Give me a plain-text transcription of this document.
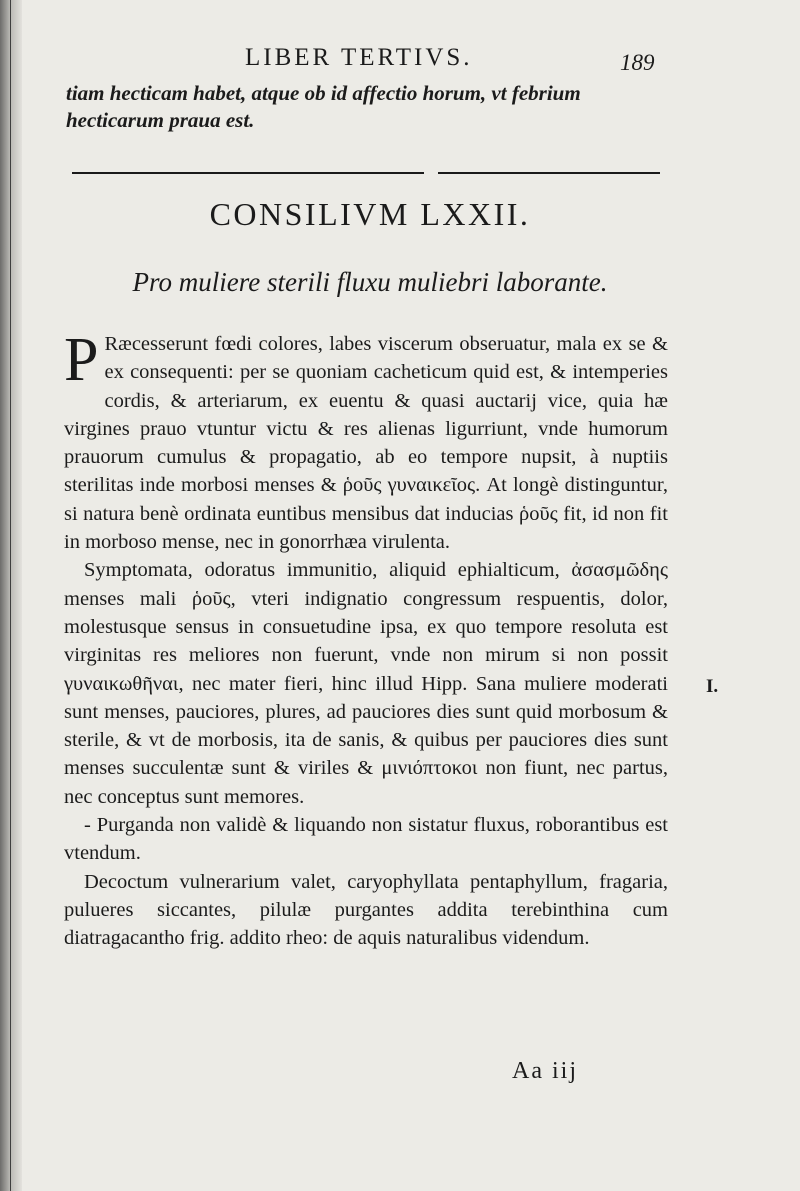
LIBER TERTIVS.	189
tiam hecticam habet, atque ob id affectio horum, vt febrium hecticarum praua est.
CONSILIVM LXXII.
Pro muliere sterili fluxu muliebri laborante.

P Ræcesserunt fœdi colores, labes viscerum obseruatur, mala ex se & ex consequenti: per se quoniam cacheticum quid est, & intemperies cordis, & arteriarum, ex euentu & quasi auctarij vice, quia hæ virgines prauo vtuntur victu & res alienas ligurriunt, vnde humorum prauorum cumulus & propagatio, ab eo tempore nupsit, à nuptiis sterilitas inde morbosi menses & ῥοῦς γυναικεῖος. At longè distinguntur, si natura benè ordinata euntibus mensibus dat inducias ῥοῦς fit, id non fit in morboso mense, nec in gonorrhæa virulenta.

Symptomata, odoratus immunitio, aliquid ephialticum, ἀσασμῶδης menses mali ῥοῦς, vteri indignatio congressum respuentis, dolor, molestusque sensus in consuetudine ipsa, ex quo tempore resoluta est virginitas res meliores non fuerunt, vnde non mirum si non possit γυναικωθῆναι, nec mater fieri, hinc illud Hipp. Sana muliere moderati sunt menses, pauciores, plures, ad pauciores dies sunt quid morbosum & sterile, & vt de morbosis, ita de sanis, & quibus per pauciores dies sunt menses succulentæ sunt & viriles & μινιόπτοκοι non fiunt, nec partus, nec conceptus sunt memores.

- Purganda non validè & liquando non sistatur fluxus, roborantibus est vtendum.

Decoctum vulnerarium valet, caryophyllata pentaphyllum, fragaria, pulueres siccantes, pilulæ purgantes addita terebinthina cum diatragacantho frig. addito rheo: de aquis naturalibus videndum.

I.
Aa iij
